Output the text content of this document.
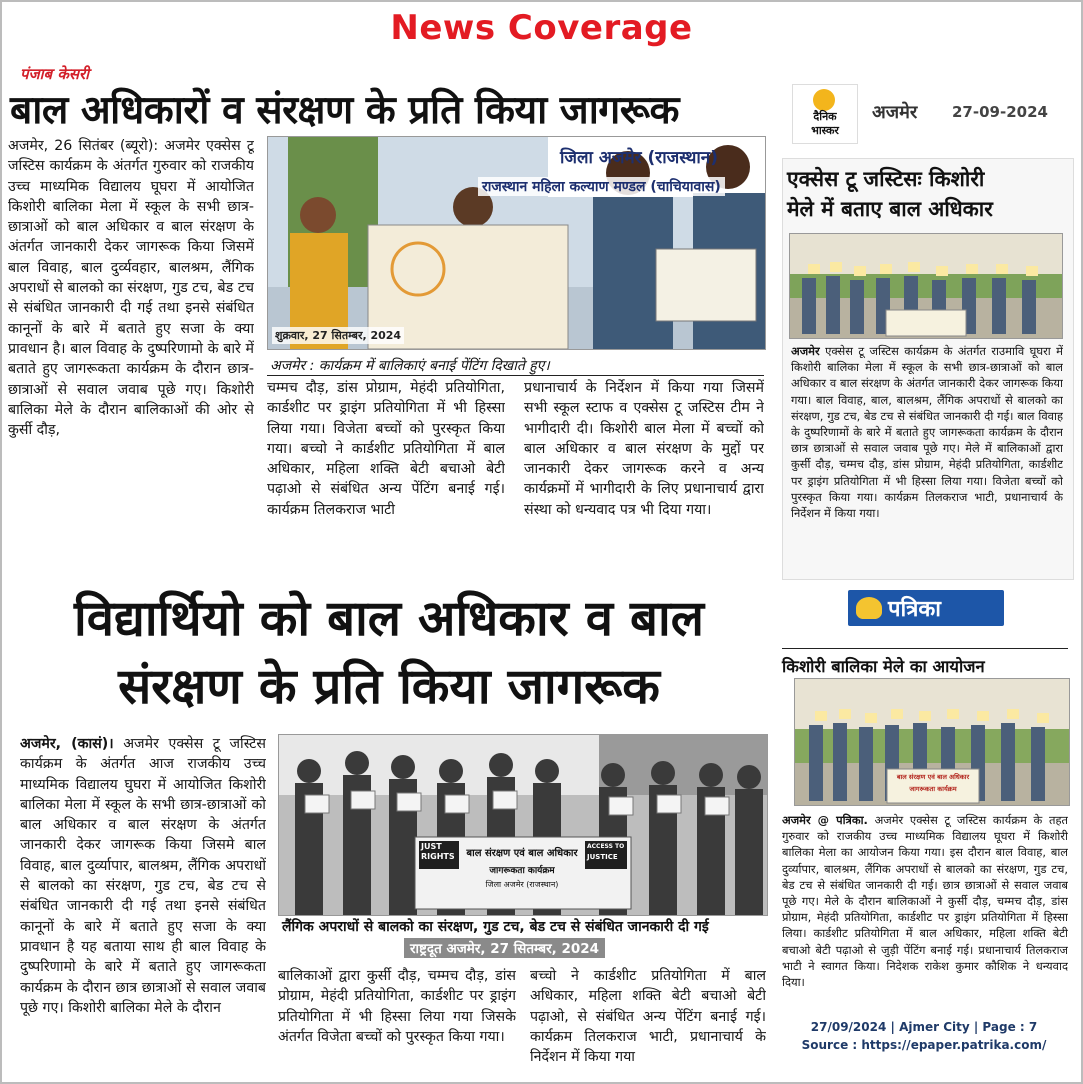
News Coverage
पंजाब केसरी
बाल अधिकारों व संरक्षण के प्रति किया जागरूक

अजमेर, 26 सितंबर (ब्यूरो): अजमेर एक्सेस टू जस्टिस कार्यक्रम के अंतर्गत गुरुवार को राजकीय उच्च माध्यमिक विद्यालय घूघरा में आयोजित किशोरी बालिका मेला में स्कूल के सभी छात्र-छात्राओं को बाल अधिकार व बाल संरक्षण के अंतर्गत जानकारी देकर जागरूक किया जिसमें बाल विवाह, बाल दुर्व्यवहार, बालश्रम, लैंगिक अपराधों से बालको का संरक्षण, गुड टच, बेड टच से संबंधित जानकारी दी गई तथा इनसे संबंधित कानूनों के बारे में बताते हुए सजा के क्या प्रावधान है। बाल विवाह के दुष्परिणामो के बारे में बताते हुए जागरूकता कार्यक्रम के दौरान छात्र-छात्राओं से सवाल जवाब पूछे गए। किशोरी बालिका मेले के दौरान बालिकाओं की ओर से कुर्सी दौड़,

जिला अजमेर (राजस्थान)
राजस्थान महिला कल्याण मण्डल (चाचियावास)
शुक्रवार, 27 सितम्बर, 2024
अजमेर : कार्यक्रम में बालिकाएं बनाई पेंटिंग दिखाते हुए।

चम्मच दौड़, डांस प्रोग्राम, मेहंदी प्रतियोगिता, कार्डशीट पर ड्राइंग प्रतियोगिता में भी हिस्सा लिया गया। विजेता बच्चों को पुरस्कृत किया गया। बच्चो ने कार्डशीट प्रतियोगिता में बाल अधिकार, महिला शक्ति बेटी बचाओ बेटी पढ़ाओ से संबंधित अन्य पेंटिंग बनाई गई। कार्यक्रम तिलकराज भाटी

प्रधानाचार्य के निर्देशन में किया गया जिसमें सभी स्कूल स्टाफ व एक्सेस टू जस्टिस टीम ने भागीदारी दी। किशोरी बाल मेला में बच्चों को बाल अधिकार व बाल संरक्षण के मुद्दों पर जानकारी देकर जागरूक करने व अन्य कार्यक्रमों में भागीदारी के लिए प्रधानाचार्य द्वारा संस्था को धन्यवाद पत्र भी दिया गया।

दैनिक
भास्कर
अजमेर 27-09-2024
एक्सेस टू जस्टिसः किशोरी
मेले में बताए बाल अधिकार
अजमेर एक्सेस टू जस्टिस कार्यक्रम के अंतर्गत राउमावि घूघरा में किशोरी बालिका मेला में स्कूल के सभी छात्र-छात्राओं को बाल अधिकार व बाल संरक्षण के अंतर्गत जानकारी देकर जागरूक किया गया। बाल विवाह, बाल, बालश्रम, लैंगिक अपराधों से बालको का संरक्षण, गुड टच, बेड टच से संबंधित जानकारी दी गई। बाल विवाह के दुष्परिणामों के बारे में बताते हुए जागरूकता कार्यक्रम के दौरान छात्र छात्राओं से सवाल जवाब पूछे गए। मेले में बालिकाओं द्वारा कुर्सी दौड़, चम्मच दौड़, डांस प्रोग्राम, मेहंदी प्रतियोगिता, कार्डशीट पर ड्राइंग प्रतियोगिता में भी हिस्सा लिया गया। विजेता बच्चों को पुरस्कृत किया गया। कार्यक्रम तिलकराज भाटी, प्रधानाचार्य के निर्देशन में किया गया।
विद्यार्थियो को बाल अधिकार व बाल
संरक्षण के प्रति किया जागरूक
अजमेर, (कासं)। अजमेर एक्सेस टू जस्टिस कार्यक्रम के अंतर्गत आज राजकीय उच्च माध्यमिक विद्यालय घुघरा में आयोजित किशोरी बालिका मेला में स्कूल के सभी छात्र-छात्राओं को बाल अधिकार व बाल संरक्षण के अंतर्गत जानकारी देकर जागरूक किया जिसमे बाल विवाह, बाल दुर्व्यापार, बालश्रम, लैंगिक अपराधों से बालको का संरक्षण, गुड टच, बेड टच से संबंधित जानकारी दी गई तथा इनसे संबंधित कानूनों के बारे में बताते हुए सजा के क्या प्रावधान है यह बताया साथ ही बाल विवाह के दुष्परिणामो के बारे में बताते हुए जागरूकता कार्यक्रम के दौरान छात्र छात्राओं से सवाल जवाब पूछे गए। किशोरी बालिका मेले के दौरान
JUST
RIGHTS
ACCESS TO
JUSTICE
बाल संरक्षण एवं बाल अधिकार
जागरूकता कार्यक्रम
जिला अजमेर (राजस्थान)
लैंगिक अपराधों से बालको का संरक्षण, गुड टच, बेड टच से संबंधित जानकारी दी गई
राष्ट्रदूत अजमेर, 27 सितम्बर, 2024

बालिकाओं द्वारा कुर्सी दौड़, चम्मच दौड़, डांस प्रोग्राम, मेहंदी प्रतियोगिता, कार्डशीट पर ड्राइंग प्रतियोगिता में भी हिस्सा लिया गया जिसके अंतर्गत विजेता बच्चों को पुरस्कृत किया गया।

बच्चो ने कार्डशीट प्रतियोगिता में बाल अधिकार, महिला शक्ति बेटी बचाओ बेटी पढ़ाओ, से संबंधित अन्य पेंटिंग बनाई गई। कार्यक्रम तिलकराज भाटी, प्रधानाचार्य के निर्देशन में किया गया

पत्रिका
किशोरी बालिका मेले का आयोजन
बाल संरक्षण एवं बाल अधिकार
जागरूकता कार्यक्रम
अजमेर @ पत्रिका. अजमेर एक्सेस टू जस्टिस कार्यक्रम के तहत गुरुवार को राजकीय उच्च माध्यमिक विद्यालय घूघरा में किशोरी बालिका मेला का आयोजन किया गया। इस दौरान बाल विवाह, बाल दुर्व्यापार, बालश्रम, लैंगिक अपराधों से बालको का संरक्षण, गुड टच, बेड टच से संबंधित जानकारी दी गई। छात्र छात्राओं से सवाल जवाब पूछे गए। मेले के दौरान बालिकाओं ने कुर्सी दौड़, चम्मच दौड़, डांस प्रोग्राम, मेहंदी प्रतियोगिता, कार्डशीट पर ड्राइंग प्रतियोगिता में हिस्सा लिया। कार्डशीट प्रतियोगिता में बाल अधिकार, महिला शक्ति बेटी बचाओ बेटी पढ़ाओ से जुड़ी पेंटिंग बनाई गई। प्रधानाचार्य तिलकराज भाटी ने स्वागत किया। निदेशक राकेश कुमार कौशिक ने धन्यवाद दिया।
27/09/2024 | Ajmer City | Page : 7
Source : https://epaper.patrika.com/
